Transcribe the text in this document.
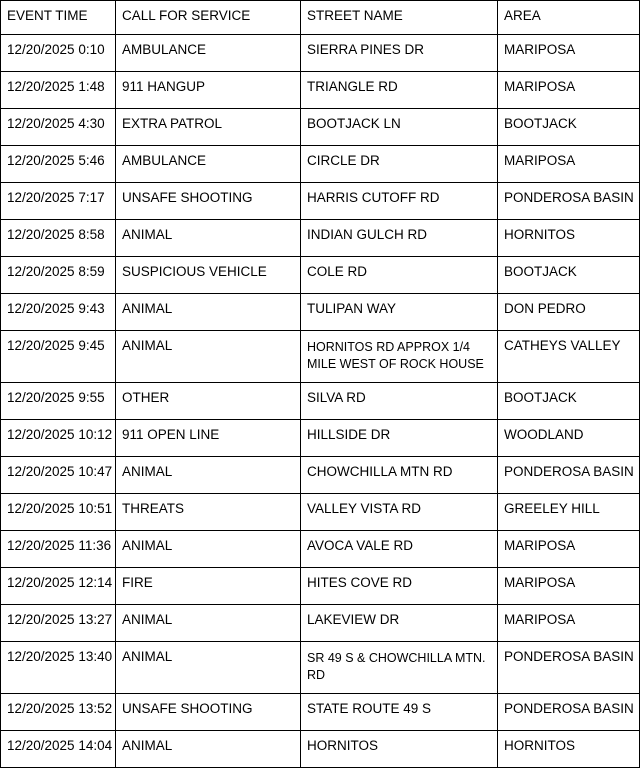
EVENT TIME	CALL FOR SERVICE	STREET NAME	AREA
12/20/2025 0:10	AMBULANCE	SIERRA PINES DR	MARIPOSA
12/20/2025 1:48	911 HANGUP	TRIANGLE RD	MARIPOSA
12/20/2025 4:30	EXTRA PATROL	BOOTJACK LN	BOOTJACK
12/20/2025 5:46	AMBULANCE	CIRCLE DR	MARIPOSA
12/20/2025 7:17	UNSAFE SHOOTING	HARRIS CUTOFF RD	PONDEROSA BASIN
12/20/2025 8:58	ANIMAL	INDIAN GULCH RD	HORNITOS
12/20/2025 8:59	SUSPICIOUS VEHICLE	COLE RD	BOOTJACK
12/20/2025 9:43	ANIMAL	TULIPAN WAY	DON PEDRO
12/20/2025 9:45	ANIMAL	HORNITOS RD APPROX 1/4 MILE WEST OF ROCK HOUSE	CATHEYS VALLEY
12/20/2025 9:55	OTHER	SILVA RD	BOOTJACK
12/20/2025 10:12	911 OPEN LINE	HILLSIDE DR	WOODLAND
12/20/2025 10:47	ANIMAL	CHOWCHILLA MTN RD	PONDEROSA BASIN
12/20/2025 10:51	THREATS	VALLEY VISTA RD	GREELEY HILL
12/20/2025 11:36	ANIMAL	AVOCA VALE RD	MARIPOSA
12/20/2025 12:14	FIRE	HITES COVE RD	MARIPOSA
12/20/2025 13:27	ANIMAL	LAKEVIEW DR	MARIPOSA
12/20/2025 13:40	ANIMAL	SR 49 S & CHOWCHILLA MTN. RD	PONDEROSA BASIN
12/20/2025 13:52	UNSAFE SHOOTING	STATE ROUTE 49 S	PONDEROSA BASIN
12/20/2025 14:04	ANIMAL	HORNITOS	HORNITOS
